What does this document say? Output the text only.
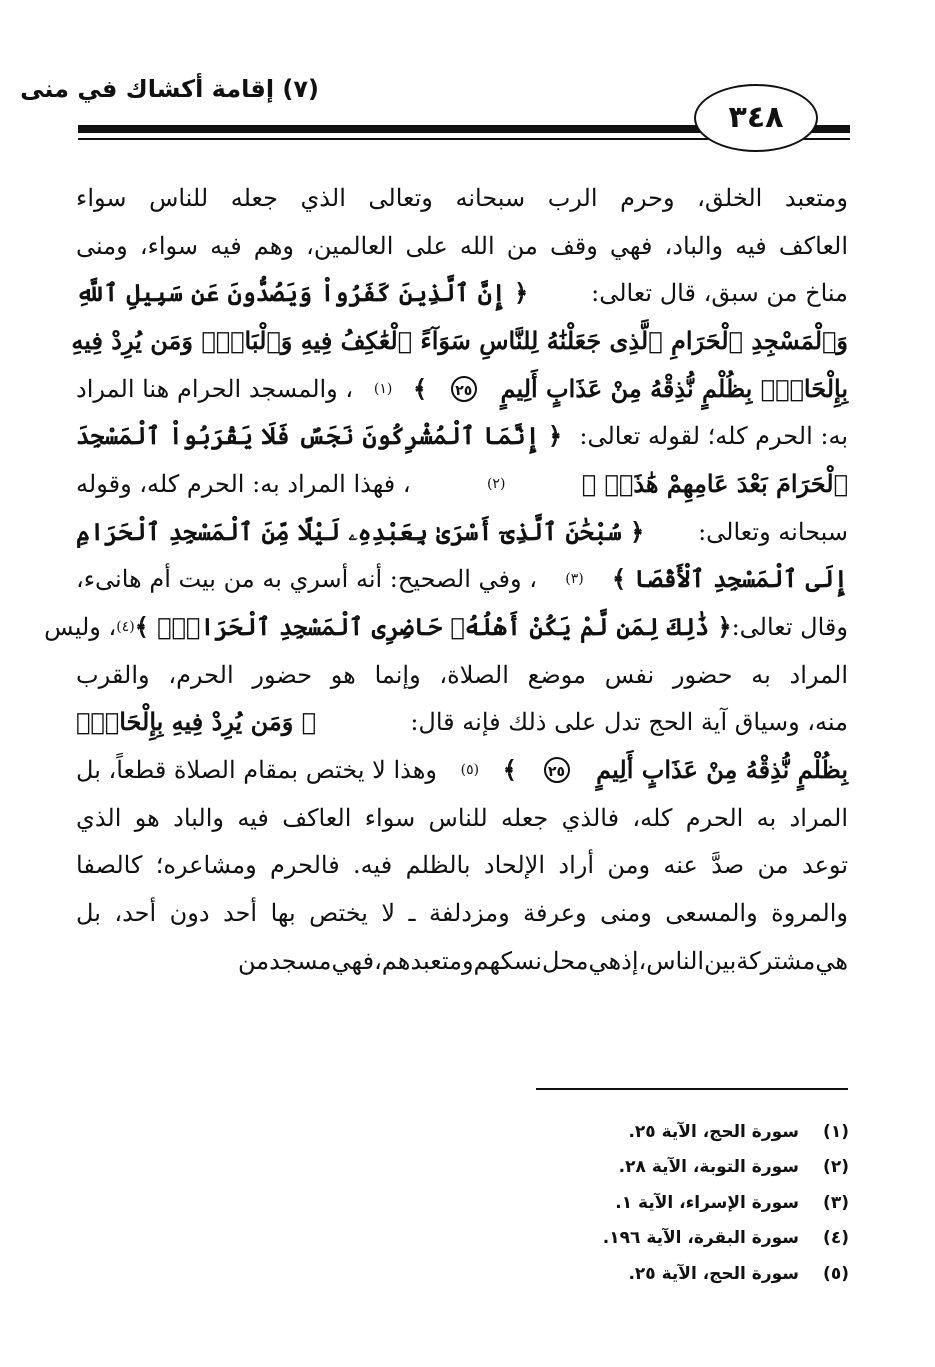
(٧) إقامة أكشاك في منى
٣٤٨
ومتعبد
الخلق،
وحرم
الرب
سبحانه
وتعالى
الذي
جعله
للناس
سواء
العاكف
فيه
والباد،
فهي
وقف
من
الله
على
العالمين،
وهم
فيه
سواء،
ومنى
مناخ من سبق، قال تعالى:
﴿ إِنَّ ٱلَّذِينَ كَفَرُواْ وَيَصُدُّونَ عَن سَبِيلِ ٱللَّهِ
وَٱلْمَسْجِدِ ٱلْحَرَامِ ٱلَّذِى جَعَلْنَٰهُ لِلنَّاسِ سَوَآءً ٱلْعَٰكِفُ فِيهِ وَٱلْبَادِۚ وَمَن يُرِدْ فِيهِ
بِإِلْحَادٍۭ بِظُلْمٍ نُّذِقْهُ مِنْ عَذَابٍ أَلِيمٍ
٢٥
﴾
(١)
، والمسجد الحرام هنا المراد
به: الحرم كله؛ لقوله تعالى:
﴿ إِنَّمَا ٱلْمُشْرِكُونَ نَجَسٌ فَلَا يَقْرَبُواْ ٱلْمَسْجِدَ
ٱلْحَرَامَ بَعْدَ عَامِهِمْ هَٰذَاۚ ﴾
(٢)
، فهذا المراد به: الحرم كله، وقوله
سبحانه وتعالى:
﴿ سُبْحَٰنَ ٱلَّذِىٓ أَسْرَىٰ بِعَبْدِهِۦ لَيْلًا مِّنَ ٱلْمَسْجِدِ ٱلْحَرَامِ
إِلَى ٱلْمَسْجِدِ ٱلْأَقْصَا ﴾
(٣)
، وفي الصحيح: أنه أسري به من بيت أم هانىء،
وقال تعالى:
﴿ ذَٰلِكَ لِمَن لَّمْ يَكُنْ أَهْلُهُۥ حَاضِرِى ٱلْمَسْجِدِ ٱلْحَرَامِۚ ﴾
(٤)
، وليس
المراد
به
حضور
نفس
موضع
الصلاة،
وإنما
هو
حضور
الحرم،
والقرب
منه، وسياق آية الحج تدل على ذلك فإنه قال:
﴿ وَمَن يُرِدْ فِيهِ بِإِلْحَادٍۭ
بِظُلْمٍ نُّذِقْهُ مِنْ عَذَابٍ أَلِيمٍ
٢٥
﴾
(٥)
وهذا لا يختص بمقام الصلاة قطعاً، بل
المراد
به
الحرم
كله،
فالذي
جعله
للناس
سواء
العاكف
فيه
والباد
هو
الذي
توعد
من
صدَّ
عنه
ومن
أراد
الإلحاد
بالظلم
فيه.
فالحرم
ومشاعره؛
كالصفا
والمروة
والمسعى
ومنى
وعرفة
ومزدلفة
ـ
لا
يختص
بها
أحد
دون
أحد،
بل
هي
مشتركة
بين
الناس،
إذ
هي
محل
نسكهم
ومتعبدهم،
فهي
مسجد
من
(١)
سورة الحج، الآية ٢٥.
(٢)
سورة التوبة، الآية ٢٨.
(٣)
سورة الإسراء، الآية ١.
(٤)
سورة البقرة، الآية ١٩٦.
(٥)
سورة الحج، الآية ٢٥.
